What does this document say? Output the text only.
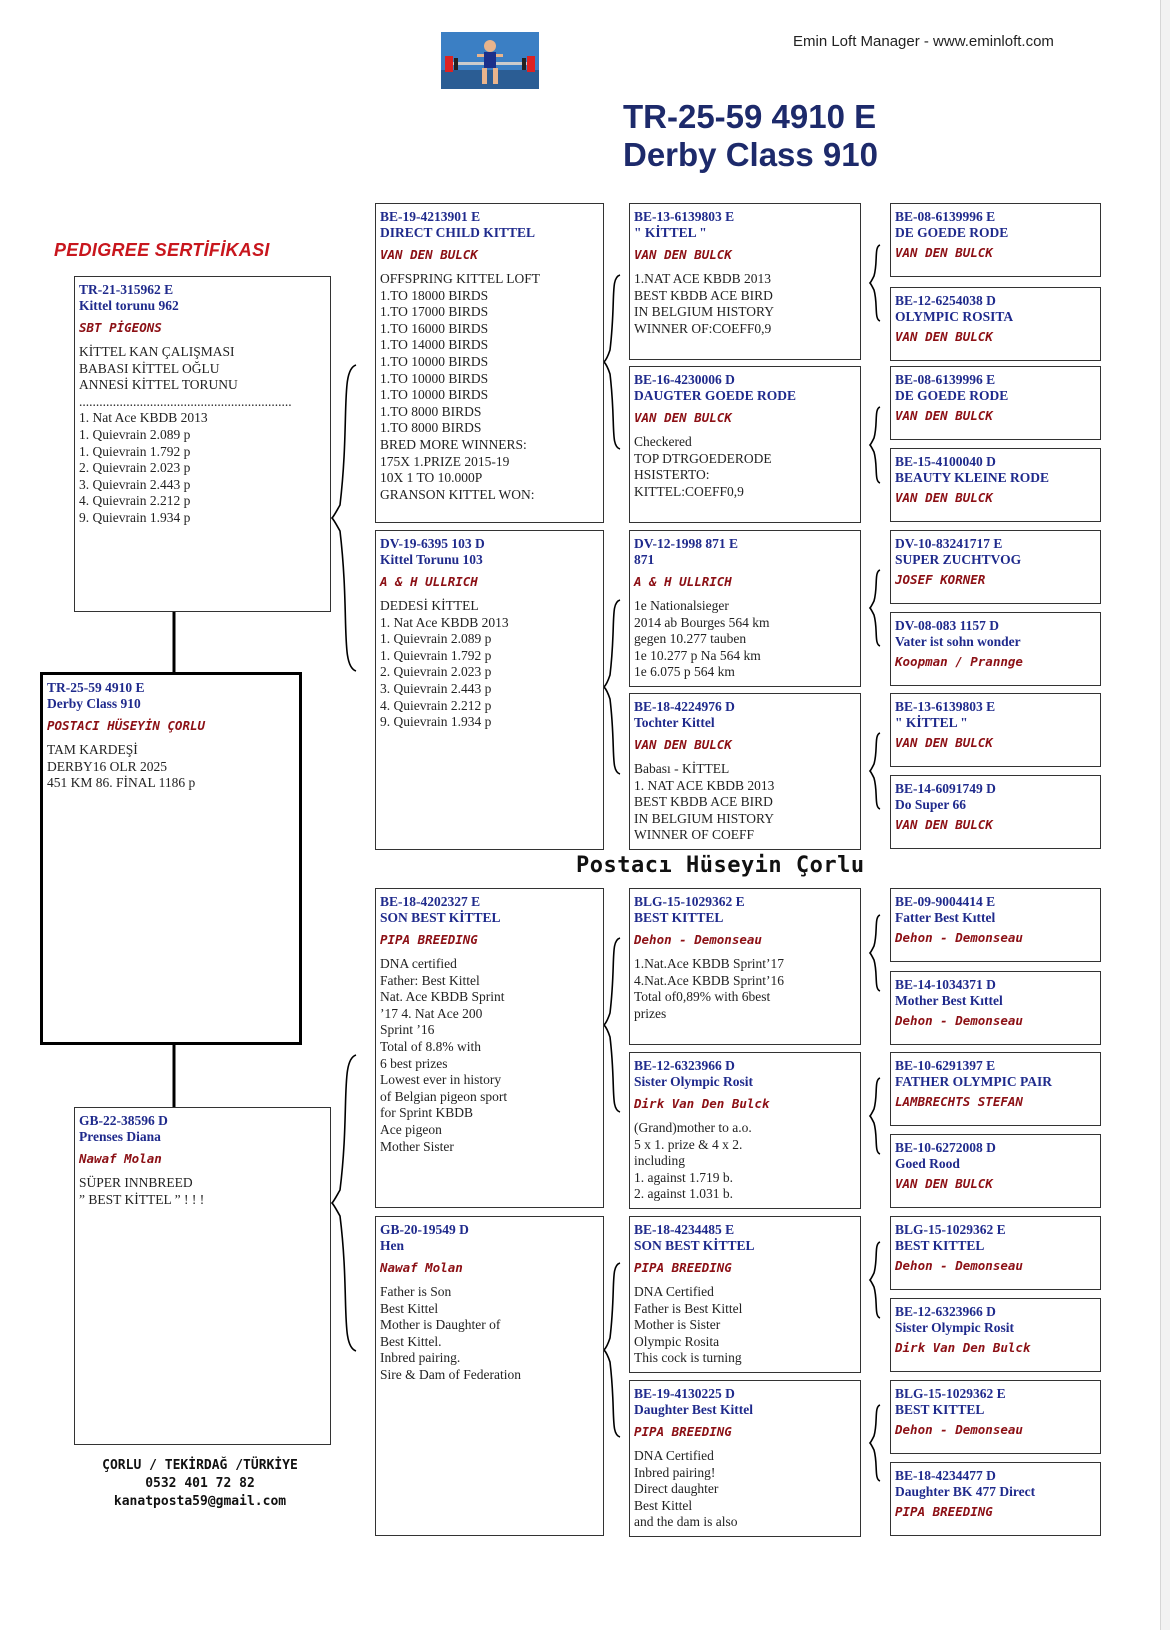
Emin Loft Manager - www.eminloft.com
TR-25-59 4910 E
Derby Class 910
PEDIGREE SERTİFİKASI
Postacı Hüseyin Çorlu
ÇORLU / TEKİRDAĞ /TÜRKİYE
0532 401 72 82
kanatposta59@gmail.com
TR-25-59 4910 E
Derby Class 910
POSTACI HÜSEYİN ÇORLU
TAM KARDEŞİ
DERBY16 OLR 2025
451 KM 86. FİNAL 1186 p
TR-21-315962 E
Kittel torunu 962
SBT PİGEONS
KİTTEL KAN ÇALIŞMASI
BABASI KİTTEL OĞLU
ANNESİ KİTTEL TORUNU
...............................................................
1. Nat Ace KBDB 2013
1. Quievrain 2.089 p
1. Quievrain 1.792 p
2. Quievrain 2.023 p
3. Quievrain 2.443 p
4. Quievrain 2.212 p
9. Quievrain 1.934 p
GB-22-38596 D
Prenses Diana
Nawaf Molan
SÜPER INNBREED
” BEST KİTTEL ” ! ! !
BE-19-4213901 E
DIRECT CHILD KITTEL
VAN DEN BULCK
OFFSPRING KITTEL LOFT
1.TO 18000 BIRDS
1.TO 17000 BIRDS
1.TO 16000 BIRDS
1.TO 14000 BIRDS
1.TO 10000 BIRDS
1.TO 10000 BIRDS
1.TO 10000 BIRDS
1.TO 8000 BIRDS
1.TO 8000 BIRDS
BRED MORE WINNERS:
175X 1.PRIZE 2015-19
10X 1 TO 10.000P
GRANSON KITTEL WON:
DV-19-6395 103 D
Kittel Torunu 103
A & H ULLRICH
DEDESİ KİTTEL
1. Nat Ace KBDB 2013
1. Quievrain 2.089 p
1. Quievrain 1.792 p
2. Quievrain 2.023 p
3. Quievrain 2.443 p
4. Quievrain 2.212 p
9. Quievrain 1.934 p
BE-18-4202327 E
SON BEST KİTTEL
PIPA BREEDING
DNA certified
Father: Best Kittel
Nat. Ace KBDB Sprint
’17 4. Nat Ace 200
Sprint ’16
Total of 8.8% with
6 best prizes
Lowest ever in history
of Belgian pigeon sport
for Sprint KBDB
Ace pigeon
Mother Sister
GB-20-19549 D
Hen
Nawaf Molan
Father is Son
Best Kittel
Mother is Daughter of
Best Kittel.
Inbred pairing.
Sire & Dam of Federation
BE-13-6139803 E
" KİTTEL "
VAN DEN BULCK
1.NAT ACE KBDB 2013
BEST KBDB ACE BIRD
IN BELGIUM HISTORY
WINNER OF:COEFF0,9
BE-16-4230006 D
DAUGTER GOEDE RODE
VAN DEN BULCK
Checkered
TOP DTRGOEDERODE
HSISTERTO:
KITTEL:COEFF0,9
DV-12-1998 871 E
871
A & H ULLRICH
1e Nationalsieger
2014 ab Bourges 564 km
gegen 10.277 tauben
1e 10.277 p Na 564 km
1e 6.075 p 564 km
BE-18-4224976 D
Tochter Kittel
VAN DEN BULCK
Babası - KİTTEL
1. NAT ACE KBDB 2013
BEST KBDB ACE BIRD
IN BELGIUM HISTORY
WINNER OF COEFF
BLG-15-1029362 E
BEST KITTEL
Dehon - Demonseau
1.Nat.Ace KBDB Sprint’17
4.Nat.Ace KBDB Sprint’16
Total of0,89% with 6best
prizes
BE-12-6323966 D
Sister Olympic Rosit
Dirk Van Den Bulck
(Grand)mother to a.o.
5 x 1. prize & 4 x 2.
including
1. against 1.719 b.
2. against 1.031 b.
BE-18-4234485 E
SON BEST KİTTEL
PIPA BREEDING
DNA Certified
Father is Best Kittel
Mother is Sister
Olympic Rosita
This cock is turning
BE-19-4130225 D
Daughter Best Kittel
PIPA BREEDING
DNA Certified
Inbred pairing!
Direct daughter
Best Kittel
and the dam is also
BE-08-6139996 E
DE GOEDE RODE
VAN DEN BULCK
BE-12-6254038 D
OLYMPIC ROSITA
VAN DEN BULCK
BE-08-6139996 E
DE GOEDE RODE
VAN DEN BULCK
BE-15-4100040 D
BEAUTY KLEINE RODE
VAN DEN BULCK
DV-10-83241717 E
SUPER ZUCHTVOG
JOSEF KORNER
DV-08-083 1157 D
Vater ist sohn wonder
Koopman / Prannge
BE-13-6139803 E
" KİTTEL "
VAN DEN BULCK
BE-14-6091749 D
Do Super 66
VAN DEN BULCK
BE-09-9004414 E
Fatter Best Kıttel
Dehon - Demonseau
BE-14-1034371 D
Mother Best Kıttel
Dehon - Demonseau
BE-10-6291397 E
FATHER OLYMPIC PAIR
LAMBRECHTS STEFAN
BE-10-6272008 D
Goed Rood
VAN DEN BULCK
BLG-15-1029362 E
BEST KITTEL
Dehon - Demonseau
BE-12-6323966 D
Sister Olympic Rosit
Dirk Van Den Bulck
BLG-15-1029362 E
BEST KITTEL
Dehon - Demonseau
BE-18-4234477 D
Daughter BK 477 Direct
PIPA BREEDING
